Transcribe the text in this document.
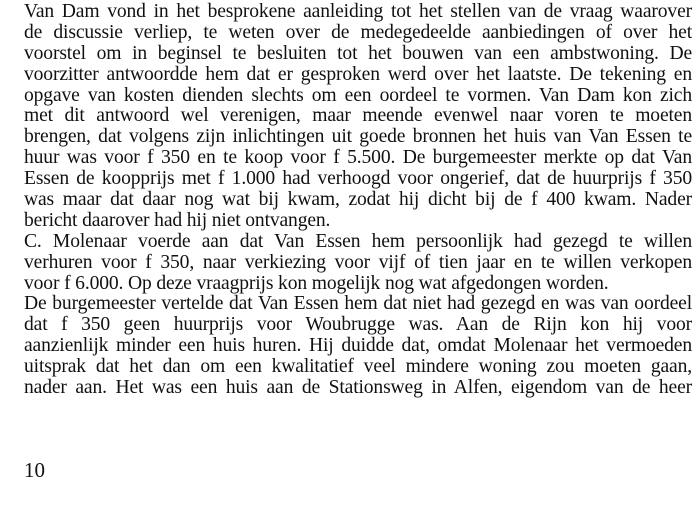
Van Dam vond in het besprokene aanleiding tot het stellen van de vraag waarover
de discussie verliep, te weten over de medegedeelde aanbiedingen of over het
voorstel om in beginsel te besluiten tot het bouwen van een ambstwoning. De
voorzitter antwoordde hem dat er gesproken werd over het laatste. De tekening en
opgave van kosten dienden slechts om een oordeel te vormen. Van Dam kon zich
met dit antwoord wel verenigen, maar meende evenwel naar voren te moeten
brengen, dat volgens zijn inlichtingen uit goede bronnen het huis van Van Essen te
huur was voor f 350 en te koop voor f 5.500. De burgemeester merkte op dat Van
Essen de koopprijs met f 1.000 had verhoogd voor ongerief, dat de huurprijs f 350
was maar dat daar nog wat bij kwam, zodat hij dicht bij de f 400 kwam. Nader
bericht daarover had hij niet ontvangen.
C. Molenaar voerde aan dat Van Essen hem persoonlijk had gezegd te willen
verhuren voor f 350, naar verkiezing voor vijf of tien jaar en te willen verkopen
voor f 6.000. Op deze vraagprijs kon mogelijk nog wat afgedongen worden.
De burgemeester vertelde dat Van Essen hem dat niet had gezegd en was van oordeel
dat f 350 geen huurprijs voor Woubrugge was. Aan de Rijn kon hij voor
aanzienlijk minder een huis huren. Hij duidde dat, omdat Molenaar het vermoeden
uitsprak dat het dan om een kwalitatief veel mindere woning zou moeten gaan,
nader aan. Het was een huis aan de Stationsweg in Alfen, eigendom van de heer
10
